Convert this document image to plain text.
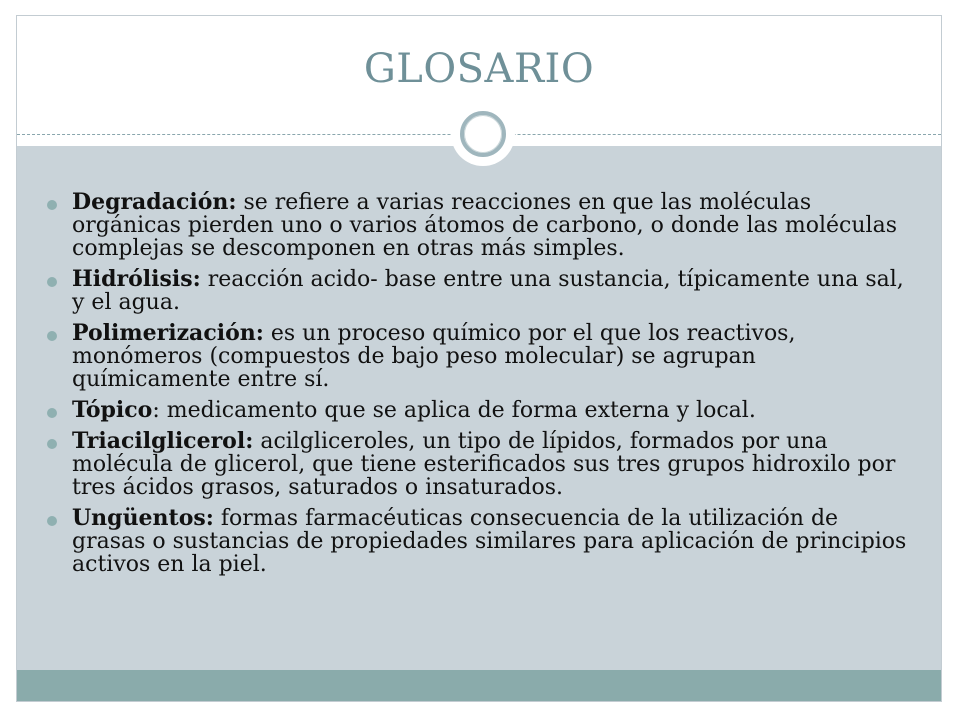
GLOSARIO
Degradación: se refiere a varias reacciones en que las moléculas orgánicas pierden uno o varios átomos de carbono, o donde las moléculas complejas se descomponen en otras más simples.
Hidrólisis: reacción acido- base entre una sustancia, típicamente una sal, y el agua.
Polimerización: es un proceso químico por el que los reactivos, monómeros (compuestos de bajo peso molecular) se agrupan químicamente entre sí.
Tópico: medicamento que se aplica de forma externa y local.
Triacilglicerol: acilgliceroles, un tipo de lípidos, formados por una molécula de glicerol, que tiene esterificados sus tres grupos hidroxilo por tres ácidos grasos, saturados o insaturados.
Ungüentos: formas farmacéuticas consecuencia de la utilización de grasas o sustancias de propiedades similares para aplicación de principios activos en la piel.
